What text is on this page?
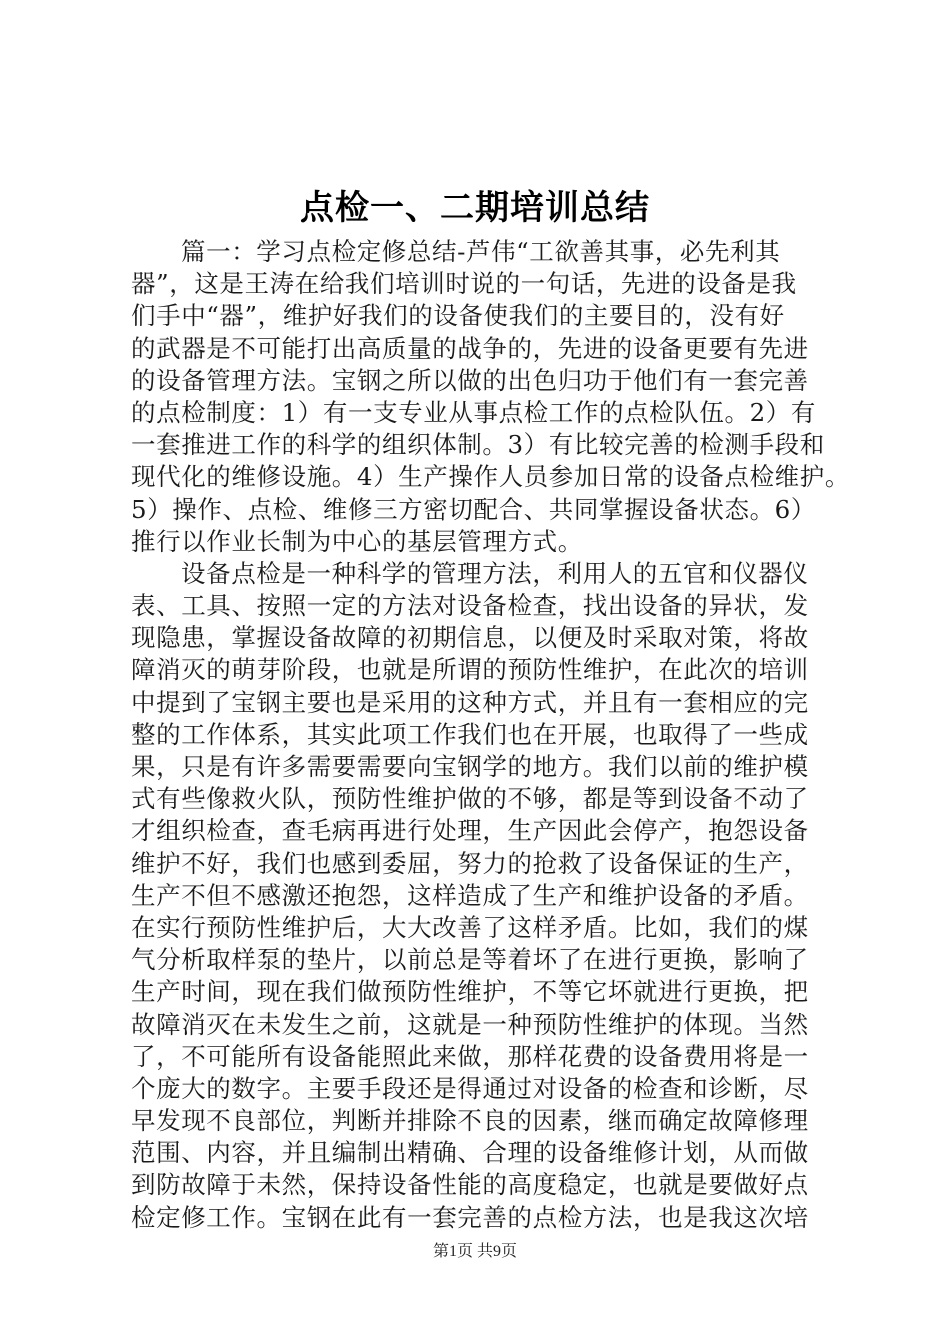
点检一、二期培训总结
篇一：学习点检定修总结-芦伟“工欲善其事，必先利其
器”，这是王涛在给我们培训时说的一句话，先进的设备是我
们手中“器”，维护好我们的设备使我们的主要目的，没有好
的武器是不可能打出高质量的战争的，先进的设备更要有先进
的设备管理方法。宝钢之所以做的出色归功于他们有一套完善
的点检制度：1）有一支专业从事点检工作的点检队伍。2）有
一套推进工作的科学的组织体制。3）有比较完善的检测手段和
现代化的维修设施。4）生产操作人员参加日常的设备点检维护。
5）操作、点检、维修三方密切配合、共同掌握设备状态。6）
推行以作业长制为中心的基层管理方式。
设备点检是一种科学的管理方法，利用人的五官和仪器仪
表、工具、按照一定的方法对设备检查，找出设备的异状，发
现隐患，掌握设备故障的初期信息，以便及时采取对策，将故
障消灭的萌芽阶段，也就是所谓的预防性维护，在此次的培训
中提到了宝钢主要也是采用的这种方式，并且有一套相应的完
整的工作体系，其实此项工作我们也在开展，也取得了一些成
果，只是有许多需要需要向宝钢学的地方。我们以前的维护模
式有些像救火队，预防性维护做的不够，都是等到设备不动了
才组织检查，查毛病再进行处理，生产因此会停产，抱怨设备
维护不好，我们也感到委屈，努力的抢救了设备保证的生产，
生产不但不感激还抱怨，这样造成了生产和维护设备的矛盾。
在实行预防性维护后，大大改善了这样矛盾。比如，我们的煤
气分析取样泵的垫片，以前总是等着坏了在进行更换，影响了
生产时间，现在我们做预防性维护，不等它坏就进行更换，把
故障消灭在未发生之前，这就是一种预防性维护的体现。当然
了，不可能所有设备能照此来做，那样花费的设备费用将是一
个庞大的数字。主要手段还是得通过对设备的检查和诊断，尽
早发现不良部位，判断并排除不良的因素，继而确定故障修理
范围、内容，并且编制出精确、合理的设备维修计划，从而做
到防故障于未然，保持设备性能的高度稳定，也就是要做好点
检定修工作。宝钢在此有一套完善的点检方法，也是我这次培
第1页 共9页
